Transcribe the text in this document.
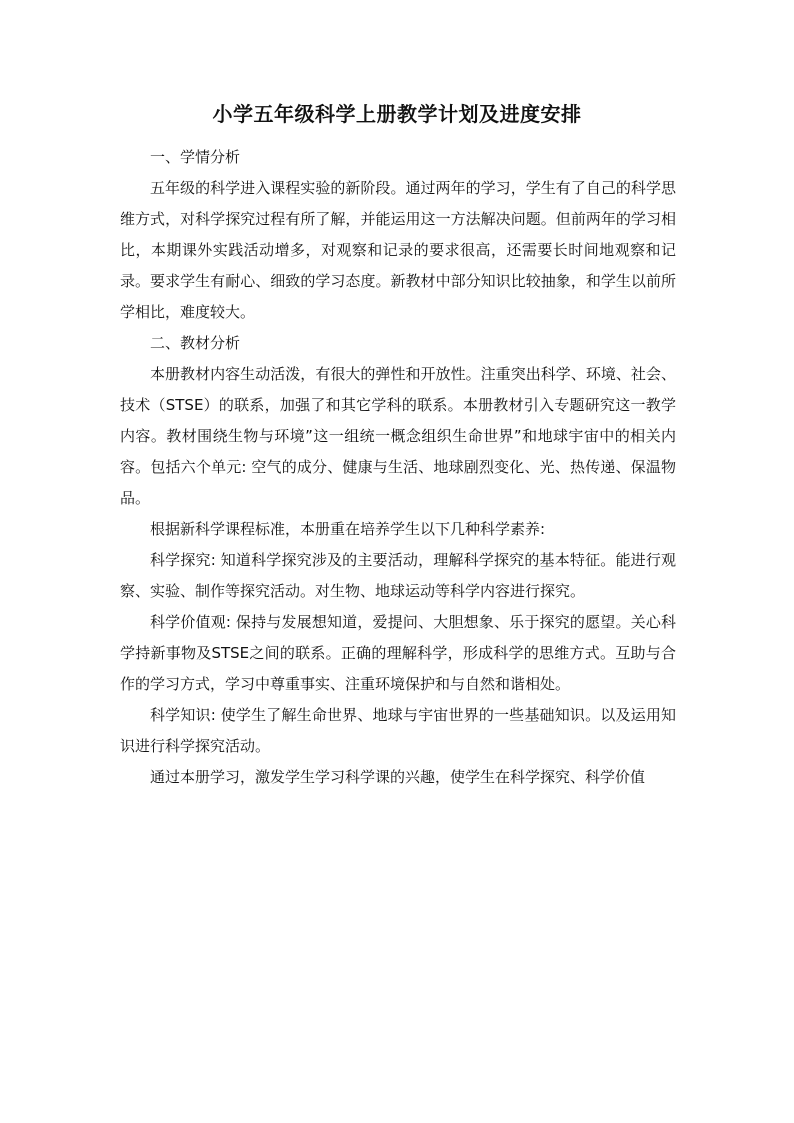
小学五年级科学上册教学计划及进度安排

一、学情分析

五年级的科学进入课程实验的新阶段。通过两年的学习，学生有了自己的科学思维方式，对科学探究过程有所了解，并能运用这一方法解决问题。但前两年的学习相比，本期课外实践活动增多，对观察和记录的要求很高，还需要长时间地观察和记录。要求学生有耐心、细致的学习态度。新教材中部分知识比较抽象，和学生以前所学相比，难度较大。

二、教材分析

本册教材内容生动活泼，有很大的弹性和开放性。注重突出科学、环境、社会、技术（STSE）的联系，加强了和其它学科的联系。本册教材引入专题研究这一教学内容。教材围绕生物与环境”这一组统一概念组织生命世界”和地球宇宙中的相关内容。包括六个单元: 空气的成分、健康与生活、地球剧烈变化、光、热传递、保温物品。

根据新科学课程标准，本册重在培养学生以下几种科学素养:

科学探究: 知道科学探究涉及的主要活动，理解科学探究的基本特征。能进行观察、实验、制作等探究活动。对生物、地球运动等科学内容进行探究。

科学价值观: 保持与发展想知道，爱提问、大胆想象、乐于探究的愿望。关心科学持新事物及STSE之间的联系。正确的理解科学，形成科学的思维方式。互助与合作的学习方式，学习中尊重事实、注重环境保护和与自然和谐相处。

科学知识: 使学生了解生命世界、地球与宇宙世界的一些基础知识。以及运用知识进行科学探究活动。

通过本册学习，激发学生学习科学课的兴趣，使学生在科学探究、科学价值
